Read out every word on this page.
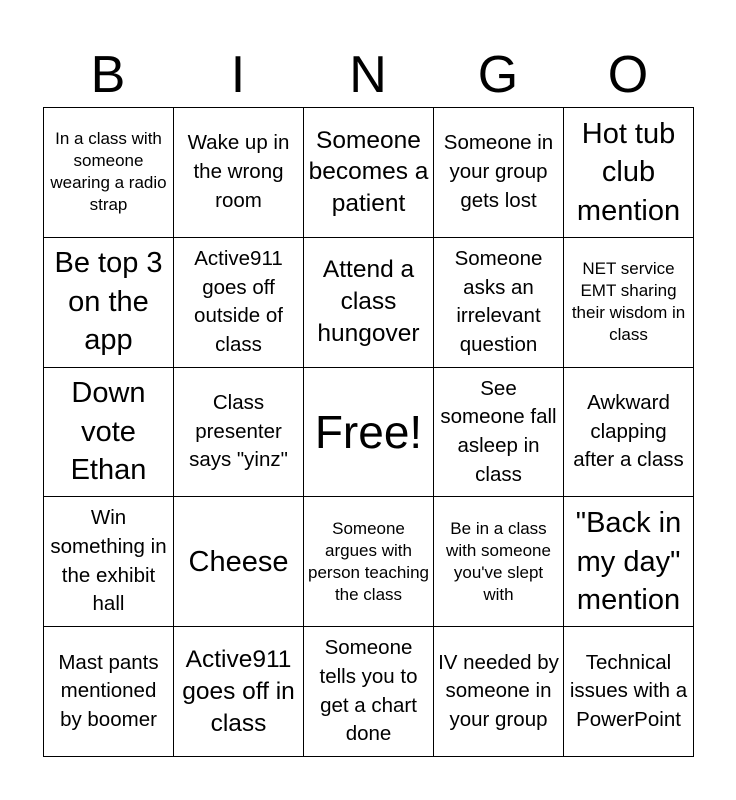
B	I	N	G	O
In a class with someone wearing a radio strap	Wake up in the wrong room	Someone becomes a patient	Someone in your group gets lost	Hot tub club mention
Be top 3 on the app	Active911 goes off outside of class	Attend a class hungover	Someone asks an irrelevant question	NET service EMT sharing their wisdom in class
Down vote Ethan	Class presenter says "yinz"	Free!	See someone fall asleep in class	Awkward clapping after a class
Win something in the exhibit hall	Cheese	Someone argues with person teaching the class	Be in a class with someone you've slept with	"Back in my day" mention
Mast pants mentioned by boomer	Active911 goes off in class	Someone tells you to get a chart done	IV needed by someone in your group	Technical issues with a PowerPoint
